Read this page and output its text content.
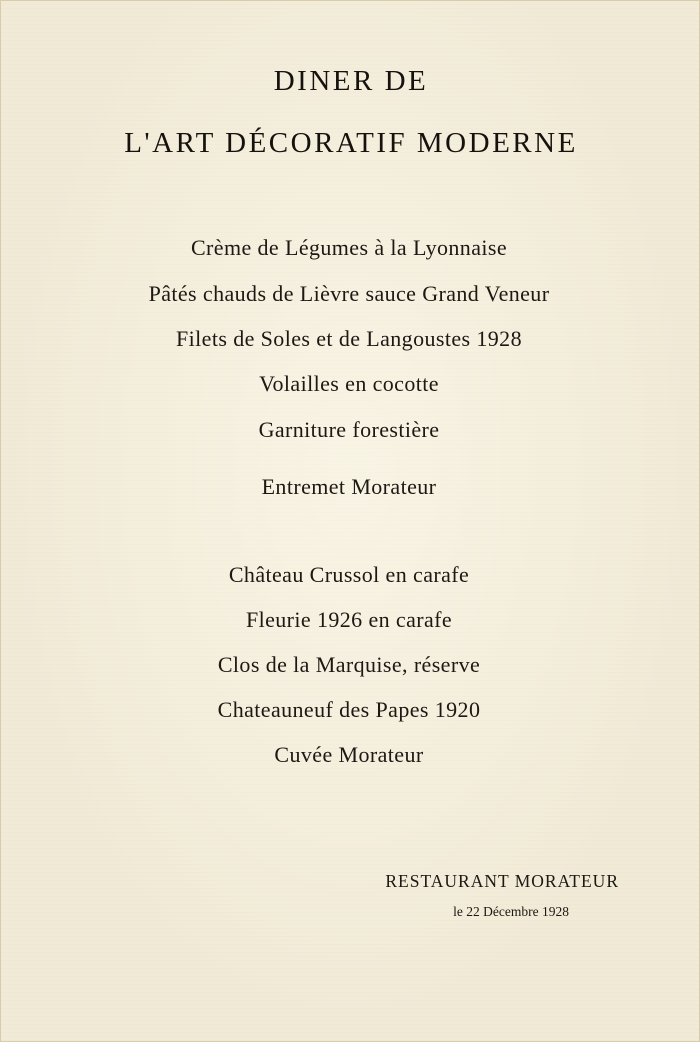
DINER DE
L'ART DÉCORATIF MODERNE
Crème de Légumes à la Lyonnaise
Pâtés chauds de Lièvre sauce Grand Veneur
Filets de Soles et de Langoustes 1928
Volailles en cocotte
Garniture forestière
Entremet Morateur
Château Crussol en carafe
Fleurie 1926 en carafe
Clos de la Marquise, réserve
Chateauneuf des Papes 1920
Cuvée Morateur
RESTAURANT MORATEUR
le 22 Décembre 1928
